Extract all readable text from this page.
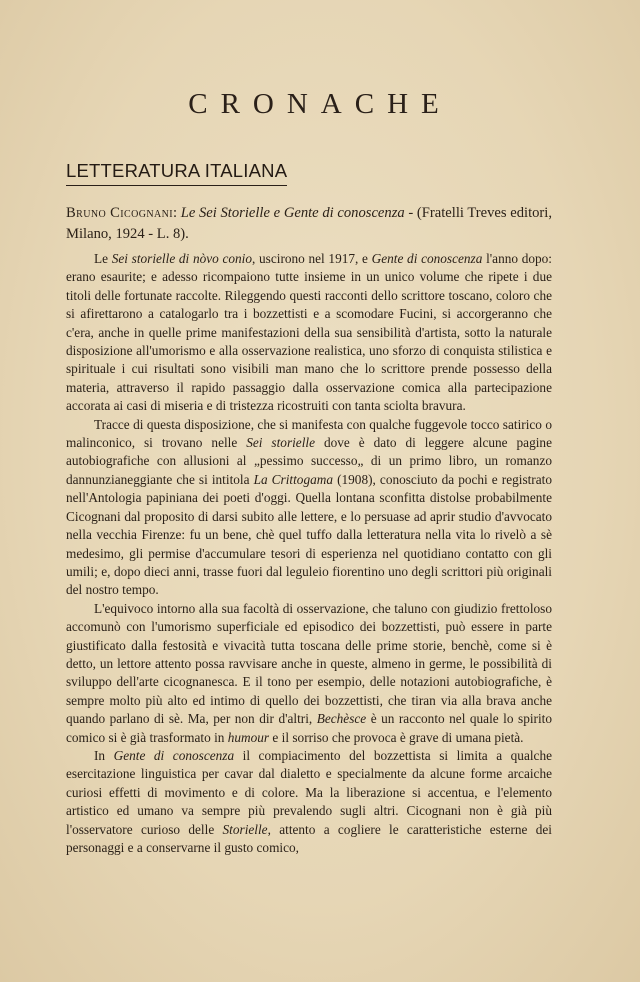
CRONACHE
LETTERATURA ITALIANA
Bruno Cicognani: Le Sei Storielle e Gente di conoscenza - (Fratelli Treves editori, Milano, 1924 - L. 8).

Le Sei storielle di nòvo conio, uscirono nel 1917, e Gente di conoscenza l'anno dopo: erano esaurite; e adesso ricompaiono tutte insieme in un unico volume che ripete i due titoli delle fortunate raccolte. Rileggendo questi racconti dello scrittore toscano, coloro che si afirettarono a catalogarlo tra i bozzettisti e a scomodare Fucini, si accorgeranno che c'era, anche in quelle prime manifestazioni della sua sensibilità d'artista, sotto la naturale disposizione all'umorismo e alla osservazione realistica, uno sforzo di conquista stilistica e spirituale i cui risultati sono visibili man mano che lo scrittore prende possesso della materia, attraverso il rapido passaggio dalla osservazione comica alla partecipazione accorata ai casi di miseria e di tristezza ricostruiti con tanta sciolta bravura.

Tracce di questa disposizione, che si manifesta con qualche fuggevole tocco satirico o malinconico, si trovano nelle Sei storielle dove è dato di leggere alcune pagine autobiografiche con allusioni al „pessimo successo„ di un primo libro, un romanzo dannunzianeggiante che si intitola La Crittogama (1908), conosciuto da pochi e registrato nell'Antologia papiniana dei poeti d'oggi. Quella lontana sconfitta distolse probabilmente Cicognani dal proposito di darsi subito alle lettere, e lo persuase ad aprir studio d'avvocato nella vecchia Firenze: fu un bene, chè quel tuffo dalla letteratura nella vita lo rivelò a sè medesimo, gli permise d'accumulare tesori di esperienza nel quotidiano contatto con gli umili; e, dopo dieci anni, trasse fuori dal leguleio fiorentino uno degli scrittori più originali del nostro tempo.

L'equivoco intorno alla sua facoltà di osservazione, che taluno con giudizio frettoloso accomunò con l'umorismo superficiale ed episodico dei bozzettisti, può essere in parte giustificato dalla festosità e vivacità tutta toscana delle prime storie, benchè, come si è detto, un lettore attento possa ravvisare anche in queste, almeno in germe, le possibilità di sviluppo dell'arte cicognanesca. E il tono per esempio, delle notazioni autobiografiche, è sempre molto più alto ed intimo di quello dei bozzettisti, che tiran via alla brava anche quando parlano di sè. Ma, per non dir d'altri, Bechèsce è un racconto nel quale lo spirito comico si è già trasformato in humour e il sorriso che provoca è grave di umana pietà.

In Gente di conoscenza il compiacimento del bozzettista si limita a qualche esercitazione linguistica per cavar dal dialetto e specialmente da alcune forme arcaiche curiosi effetti di movimento e di colore. Ma la liberazione si accentua, e l'elemento artistico ed umano va sempre più prevalendo sugli altri. Cicognani non è già più l'osservatore curioso delle Storielle, attento a cogliere le caratteristiche esterne dei personaggi e a conservarne il gusto comico,
